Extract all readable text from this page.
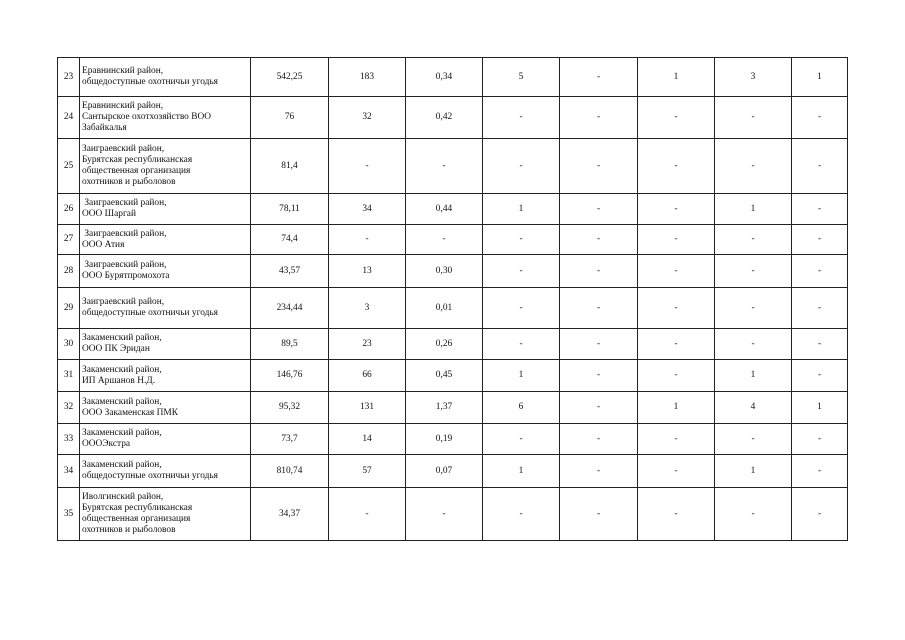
23	Еравнинский район,
общедоступные охотничьи угодья	542,25	183	0,34	5	-	1	3	1
24	Еравнинский район,
Сантырское охотхозяйство ВОО
Забайкалья	76	32	0,42	-	-	-	-	-
25	Заиграевский район,
Бурятская республиканская
общественная организация
охотников и рыболовов	81,4	-	-	-	-	-	-	-
26	Заиграевский район,
ООО Шаргай	78,11	34	0,44	1	-	-	1	-
27	Заиграевский район,
ООО Атия	74,4	-	-	-	-	-	-	-
28	Заиграевский район,
ООО Бурятпромохота	43,57	13	0,30	-	-	-	-	-
29	Заиграевский район,
общедоступные охотничьи угодья	234,44	3	0,01	-	-	-	-	-
30	Закаменский район,
ООО ПК Эридан	89,5	23	0,26	-	-	-	-	-
31	Закаменский район,
ИП Аршанов Н.Д.	146,76	66	0,45	1	-	-	1	-
32	Закаменский район,
ООО Закаменская ПМК	95,32	131	1,37	6	-	1	4	1
33	Закаменский район,
ОООЭкстра	73,7	14	0,19	-	-	-	-	-
34	Закаменский район,
общедоступные охотничьи угодья	810,74	57	0,07	1	-	-	1	-
35	Иволгинский район,
Бурятская республиканская
общественная организация
охотников и рыболовов	34,37	-	-	-	-	-	-	-
